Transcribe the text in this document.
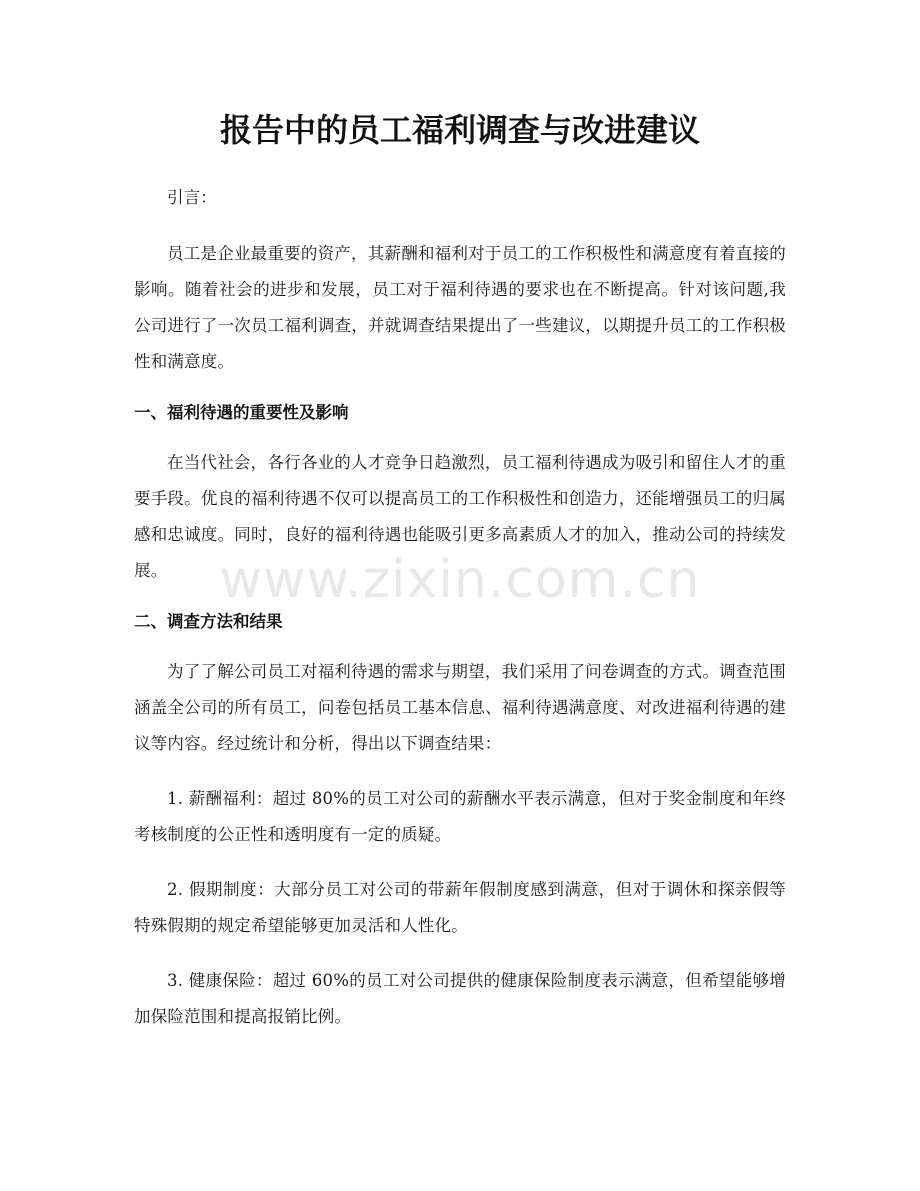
报告中的员工福利调查与改进建议

引言：

员工是企业最重要的资产，其薪酬和福利对于员工的工作积极性和满意度有着直接的影响。随着社会的进步和发展，员工对于福利待遇的要求也在不断提高。针对该问题,我公司进行了一次员工福利调查，并就调查结果提出了一些建议，以期提升员工的工作积极性和满意度。

一、福利待遇的重要性及影响

在当代社会，各行各业的人才竞争日趋激烈，员工福利待遇成为吸引和留住人才的重要手段。优良的福利待遇不仅可以提高员工的工作积极性和创造力，还能增强员工的归属感和忠诚度。同时，良好的福利待遇也能吸引更多高素质人才的加入，推动公司的持续发展。

二、调查方法和结果

为了了解公司员工对福利待遇的需求与期望，我们采用了问卷调查的方式。调查范围涵盖全公司的所有员工，问卷包括员工基本信息、福利待遇满意度、对改进福利待遇的建议等内容。经过统计和分析，得出以下调查结果：

1. 薪酬福利：超过 80%的员工对公司的薪酬水平表示满意，但对于奖金制度和年终考核制度的公正性和透明度有一定的质疑。

2. 假期制度：大部分员工对公司的带薪年假制度感到满意，但对于调休和探亲假等特殊假期的规定希望能够更加灵活和人性化。

3. 健康保险：超过 60%的员工对公司提供的健康保险制度表示满意，但希望能够增加保险范围和提高报销比例。

www.zixin.com.cn
